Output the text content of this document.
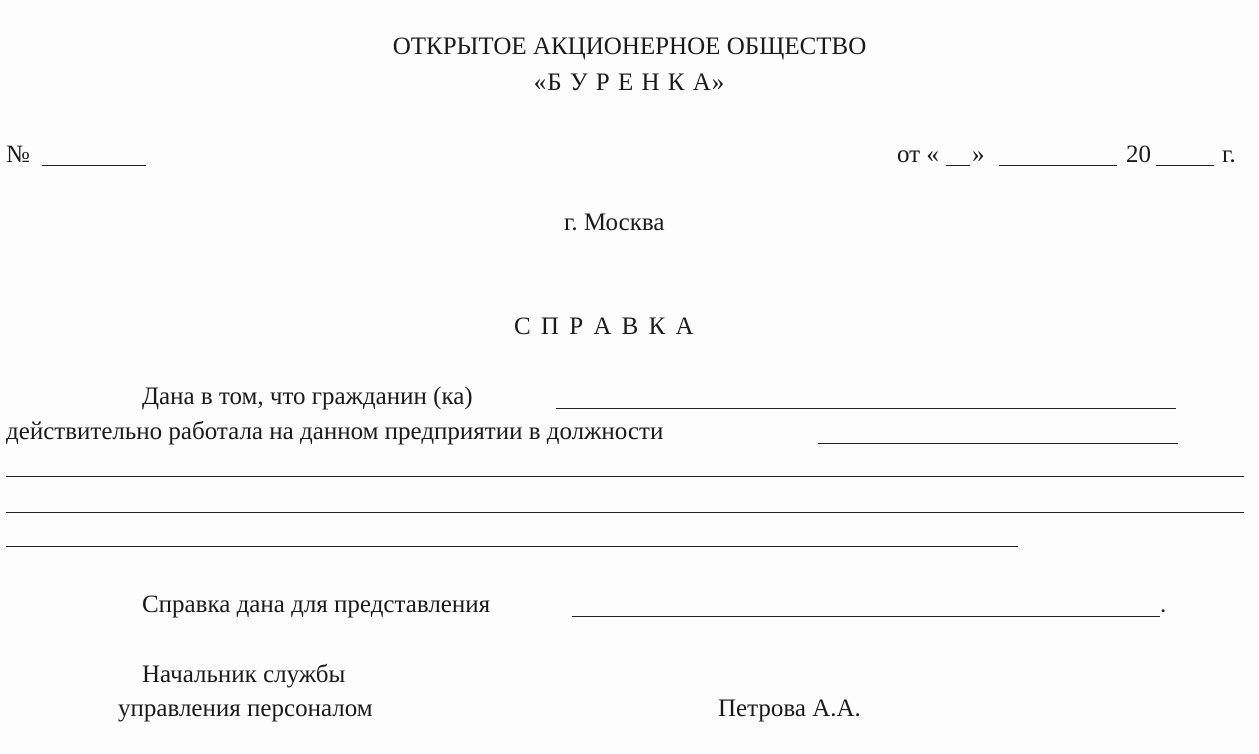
ОТКРЫТОЕ АКЦИОНЕРНОЕ ОБЩЕСТВО
«Б У Р Е Н К А»
№	от « »	20	г.
г. Москва
С П Р А В К А
Дана в том, что гражданин (ка)
действительно работала на данном предприятии в должности
Справка дана для представления	.
Начальник службы
управления персоналом	Петрова А.А.
